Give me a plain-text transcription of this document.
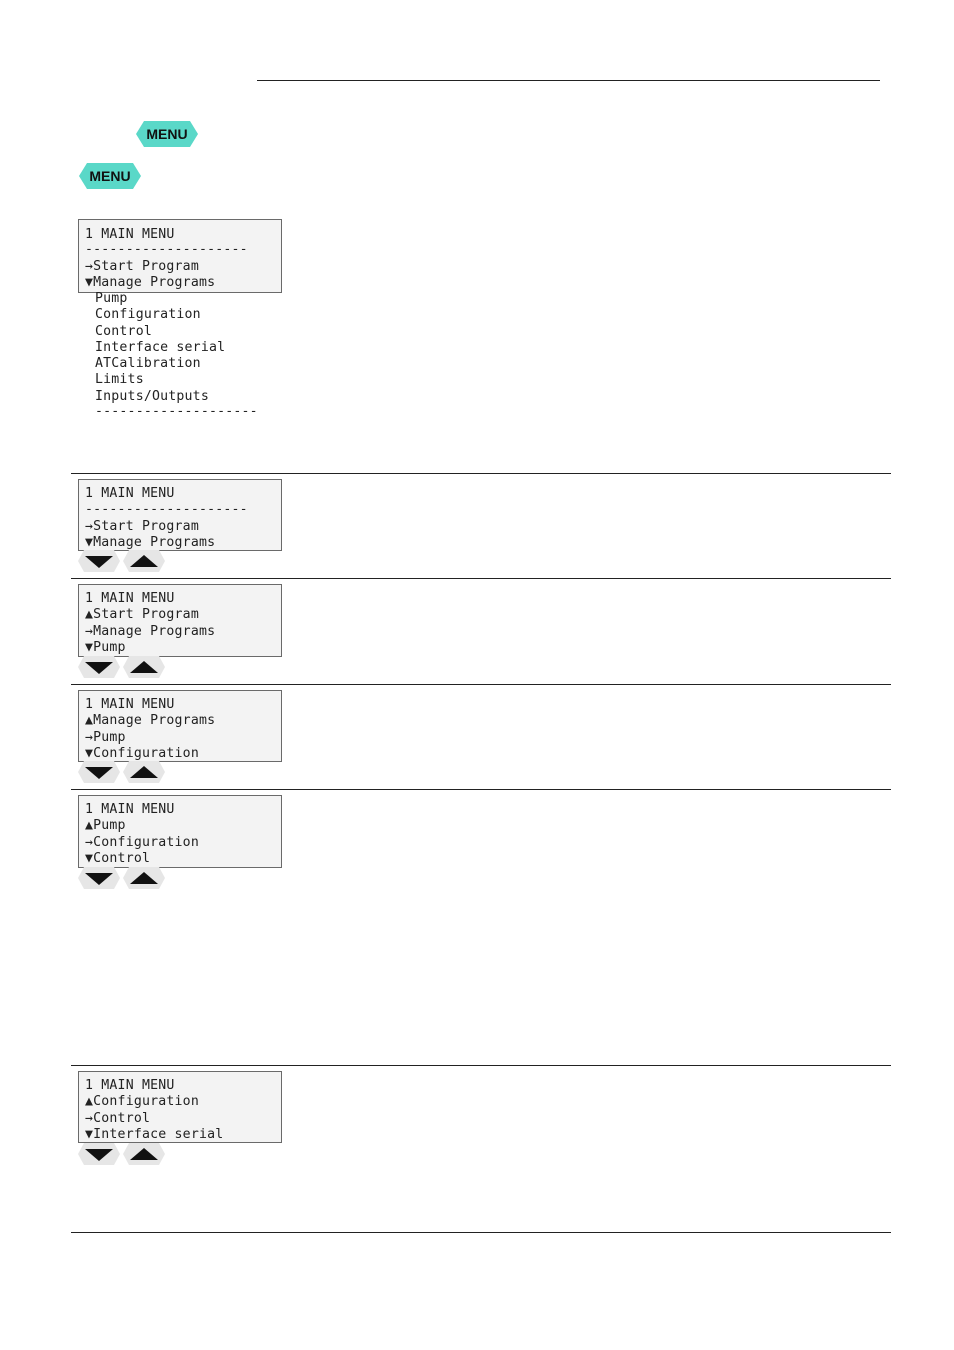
MENU
MENU
1 MAIN MENU
--------------------
→Start Program
▼Manage Programs
Pump
Configuration
Control
Interface serial
ATCalibration
Limits
Inputs/Outputs
--------------------
1 MAIN MENU
--------------------
→Start Program
▼Manage Programs
1 MAIN MENU
▲Start Program
→Manage Programs
▼Pump
1 MAIN MENU
▲Manage Programs
→Pump
▼Configuration
1 MAIN MENU
▲Pump
→Configuration
▼Control
1 MAIN MENU
▲Configuration
→Control
▼Interface serial
